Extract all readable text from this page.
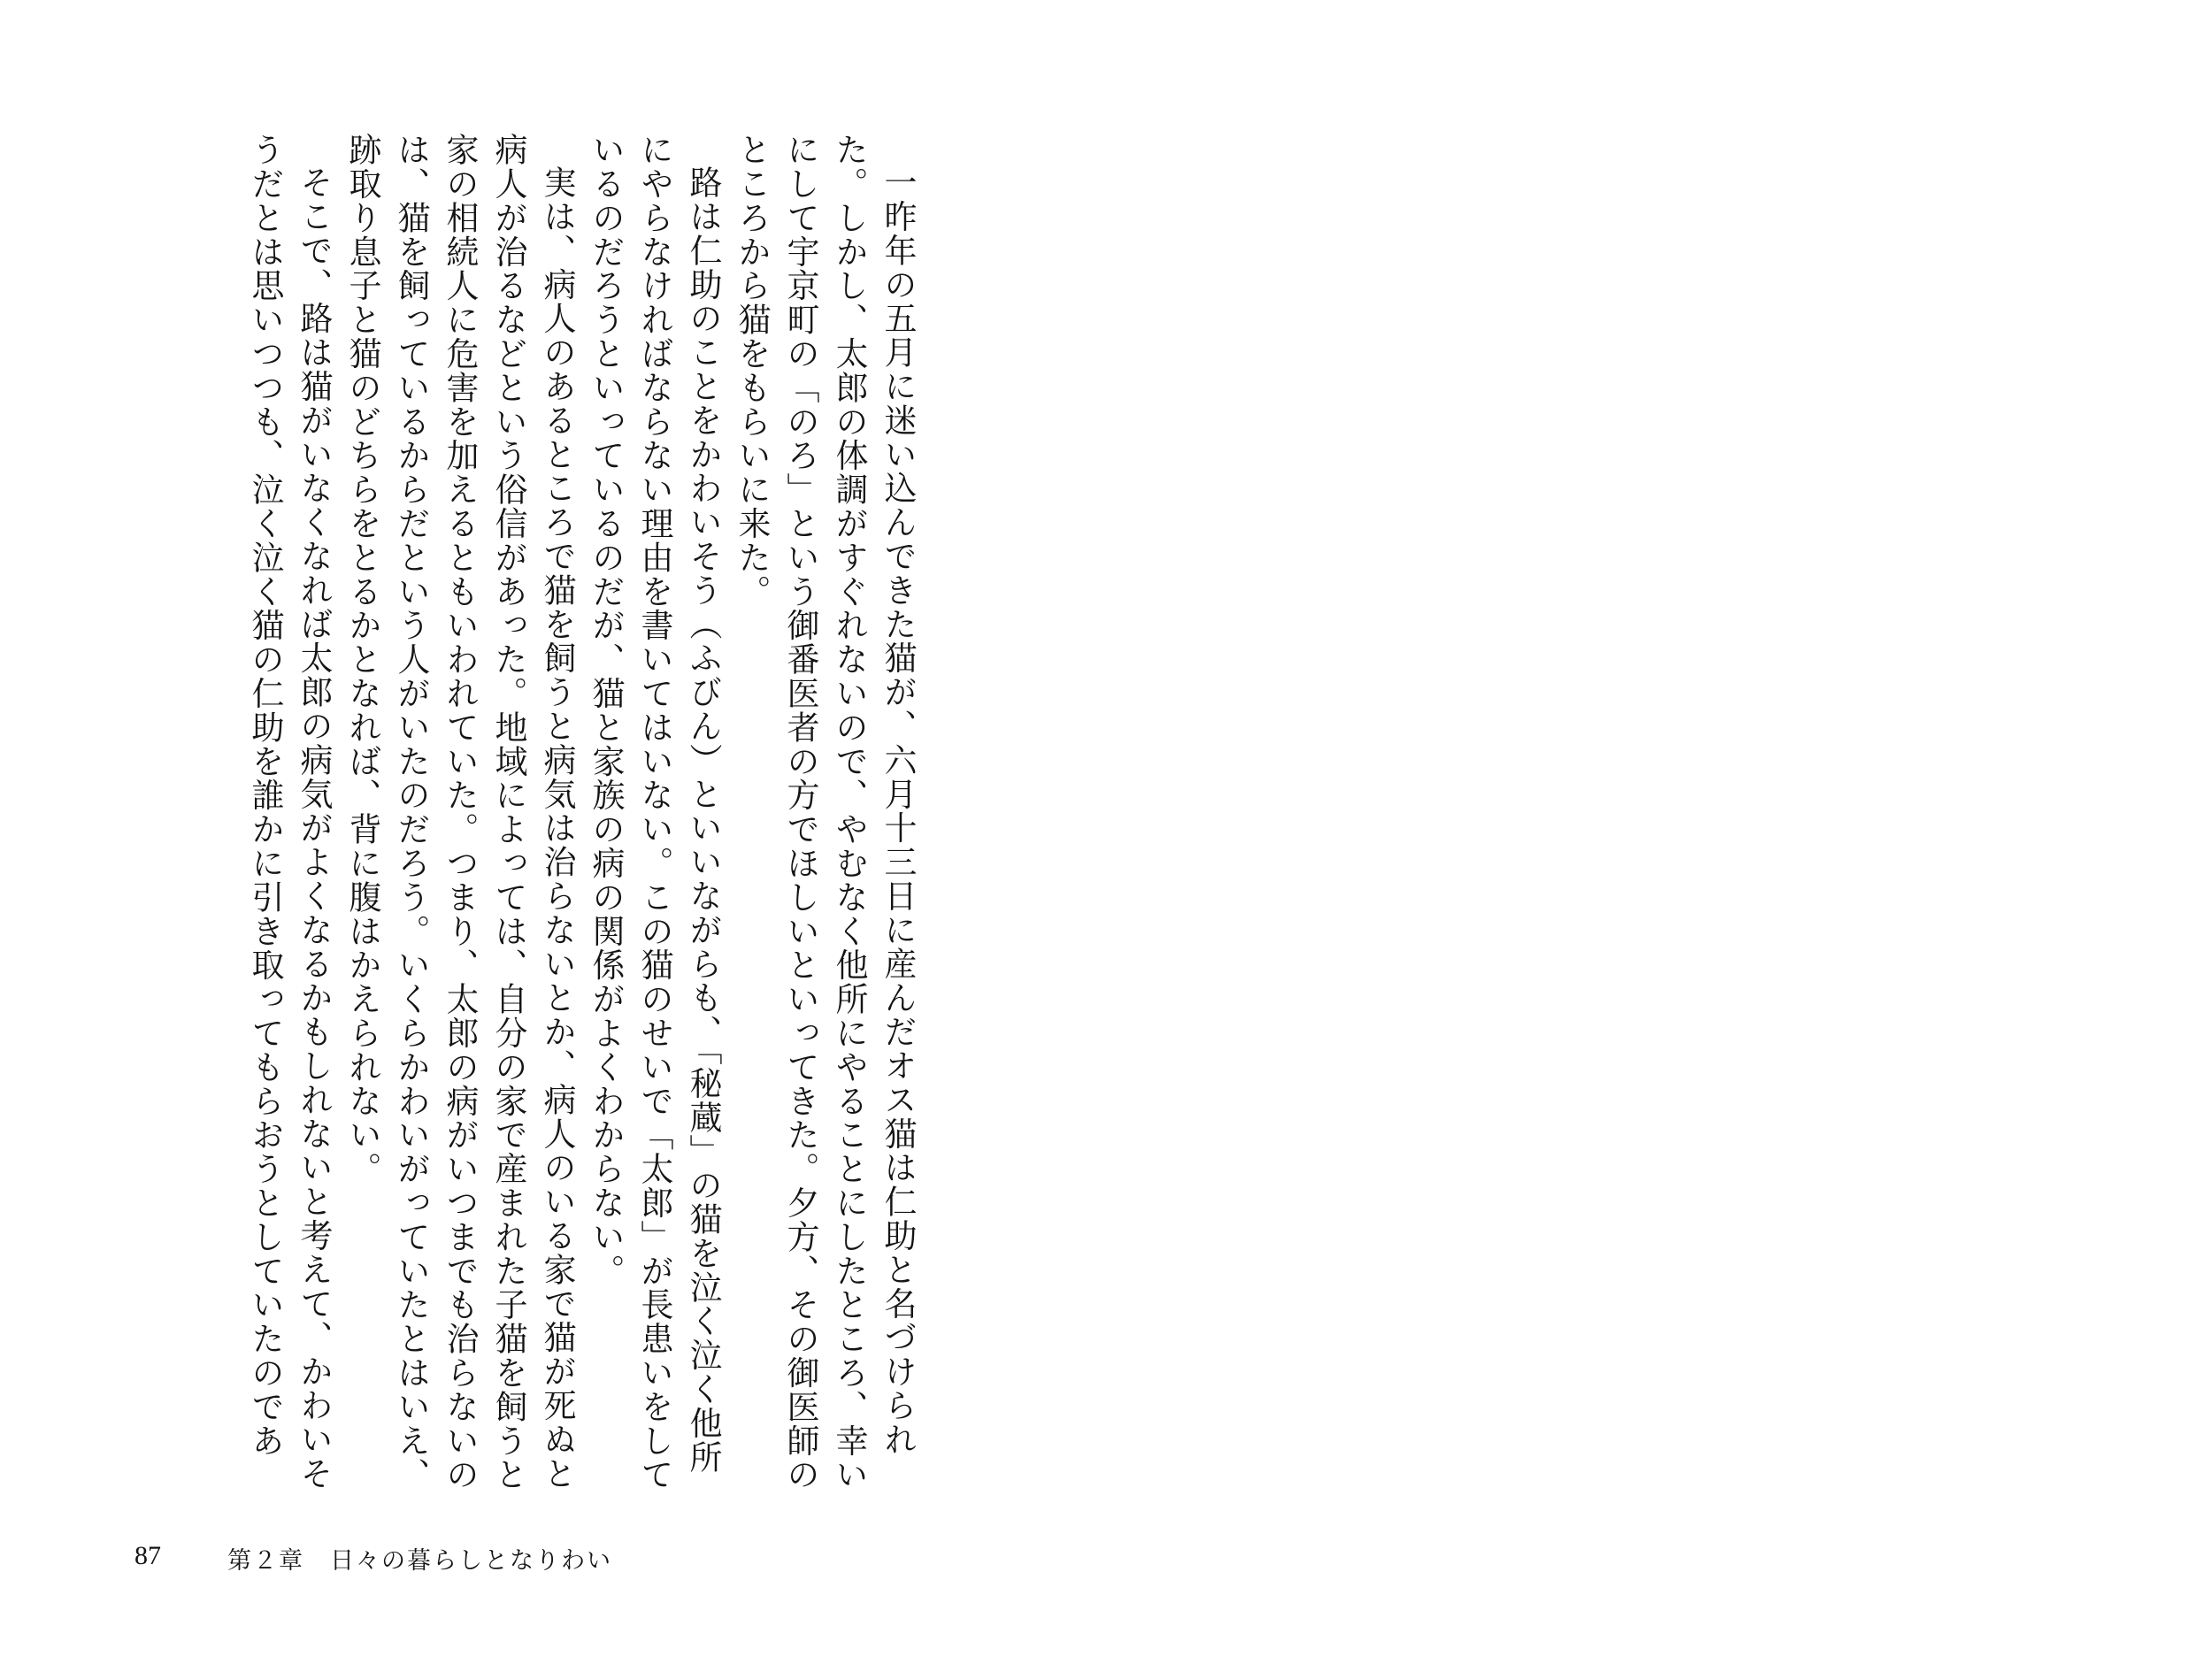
一昨年の五月に迷い込んできた猫が、六月十三日に産んだオス猫は仁助と名づけられた。しかし、太郎の体調がすぐれないので、やむなく他所にやることにしたところ、幸いにして宇京町の「のろ」という御番医者の方でほしいといってきた。夕方、その御医師のところから猫をもらいに来た。

路は仁助のことをかわいそう（ふびん）といいながらも、「秘蔵」の猫を泣く泣く他所にやらなければならない理由を書いてはいない。この猫のせいで「太郎」が長患いをしているのだろうといっているのだが、猫と家族の病の関係がよくわからない。

実は、病人のあるところで猫を飼うと病気は治らないとか、病人のいる家で猫が死ぬと病人が治るなどという俗信があった。地域によっては、自分の家で産まれた子猫を飼うと家の相続人に危害を加えるともいわれていた。つまり、太郎の病がいつまでも治らないのは、猫を飼っているからだという人がいたのだろう。いくらかわいがっていたとはいえ、跡取り息子と猫のどちらをとるかとなれば、背に腹はかえられない。

そこで、路は猫がいなくなれば太郎の病気がよくなるかもしれないと考えて、かわいそうだとは思いつつも、泣く泣く猫の仁助を誰かに引き取ってもらおうとしていたのであ

87	第２章　日々の暮らしとなりわい
